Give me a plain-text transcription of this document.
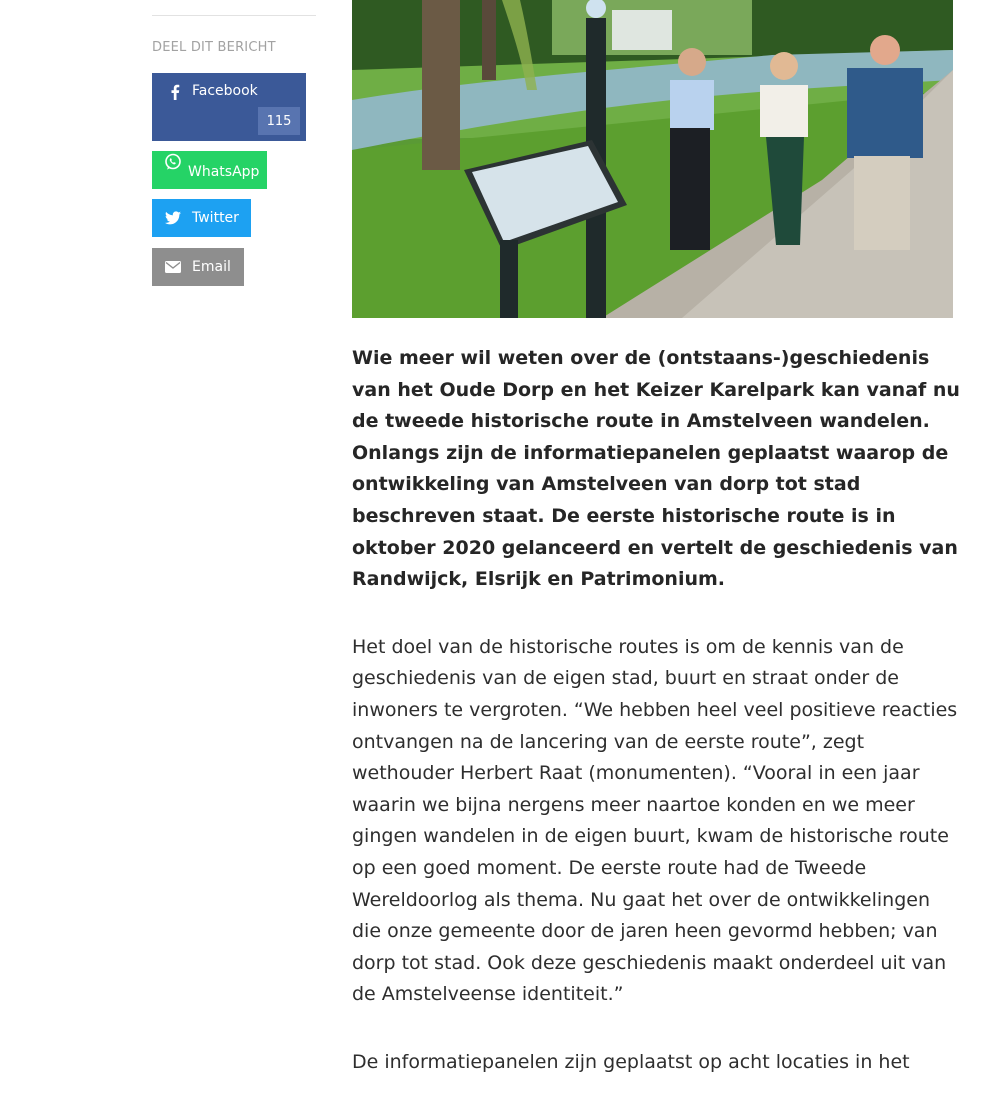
DEEL DIT BERICHT
Facebook
115
WhatsApp
Twitter
Email

Wie meer wil weten over de (ontstaans-)geschiedenis van het Oude Dorp en het Keizer Karelpark kan vanaf nu de tweede historische route in Amstelveen wandelen. Onlangs zijn de informatiepanelen geplaatst waarop de ontwikkeling van Amstelveen van dorp tot stad beschreven staat. De eerste historische route is in oktober 2020 gelanceerd en vertelt de geschiedenis van Randwijck, Elsrijk en Patrimonium.

Het doel van de historische routes is om de kennis van de geschiedenis van de eigen stad, buurt en straat onder de inwoners te vergroten. “We hebben heel veel positieve reacties ontvangen na de lancering van de eerste route”, zegt wethouder Herbert Raat (monumenten). “Vooral in een jaar waarin we bijna nergens meer naartoe konden en we meer gingen wandelen in de eigen buurt, kwam de historische route op een goed moment. De eerste route had de Tweede Wereldoorlog als thema. Nu gaat het over de ontwikkelingen die onze gemeente door de jaren heen gevormd hebben; van dorp tot stad. Ook deze geschiedenis maakt onderdeel uit van de Amstelveense identiteit.”

De informatiepanelen zijn geplaatst op acht locaties in het
